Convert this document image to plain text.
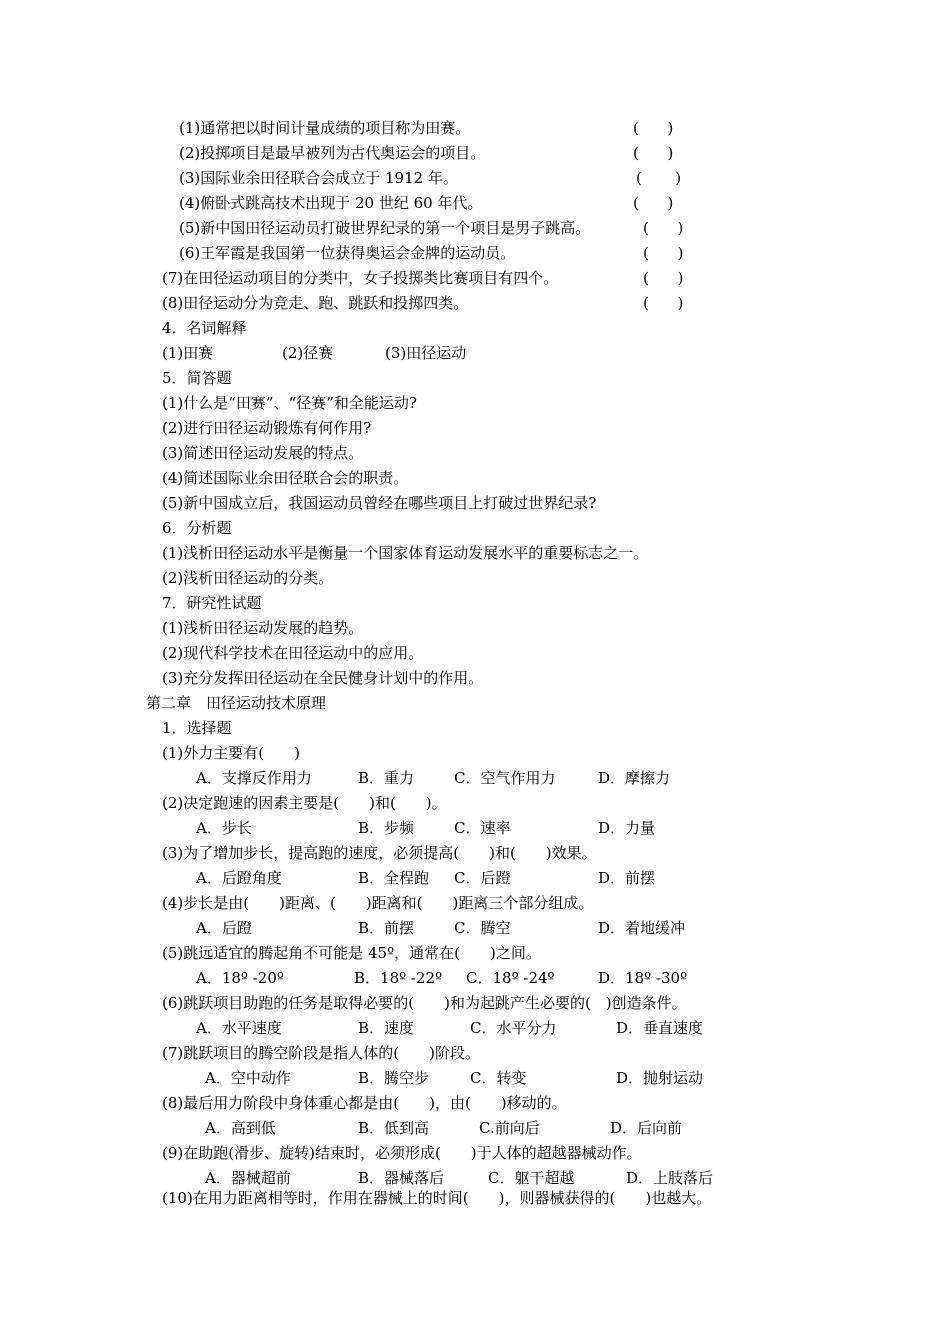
(1)通常把以时间计量成绩的项目称为田赛。	(      )
(2)投掷项目是最早被列为古代奥运会的项目。	(      )
(3)国际业余田径联合会成立于 1912 年。	(       )
(4)俯卧式跳高技术出现于 20 世纪 60 年代。	(      )
(5)新中国田径运动员打破世界纪录的第一个项目是男子跳高。	(      )
(6)王军霞是我国第一位获得奥运会金牌的运动员。	(      )
(7)在田径运动项目的分类中，女子投掷类比赛项目有四个。	(      )
(8)田径运动分为竞走、跑、跳跃和投掷四类。	(      )
4．名词解释
(1)田赛	(2)径赛	(3)田径运动
5．简答题
(1)什么是“田赛”、“径赛”和全能运动?
(2)进行田径运动锻炼有何作用?
(3)简述田径运动发展的特点。
(4)简述国际业余田径联合会的职责。
(5)新中国成立后，我国运动员曾经在哪些项目上打破过世界纪录?
6．分析题
(1)浅析田径运动水平是衡量一个国家体育运动发展水平的重要标志之一。
(2)浅析田径运动的分类。
7．研究性试题
(1)浅析田径运动发展的趋势。
(2)现代科学技术在田径运动中的应用。
(3)充分发挥田径运动在全民健身计划中的作用。
第二章　田径运动技术原理
1．选择题
(1)外力主要有(　　)
A．支撑反作用力	B．重力	C．空气作用力	D．摩擦力
(2)决定跑速的因素主要是(　　)和(　　)。
A．步长	B．步频	C．速率	D．力量
(3)为了增加步长，提高跑的速度，必须提高(　　)和(　　)效果。
A．后蹬角度	B．全程跑 C．后蹬	D．前摆
(4)步长是由(　　)距离、(　　)距离和(　　)距离三个部分组成。
A．后蹬	B．前摆	C．腾空	D．着地缓冲
(5)跳远适宜的腾起角不可能是 45º，通常在(　　)之间。
A．18º -20º	B．18º -22º C．18º -24º	D．18º -30º
(6)跳跃项目助跑的任务是取得必要的(　　)和为起跳产生必要的(　)创造条件。
A．水平速度	B．速度	C．水平分力	D．垂直速度
(7)跳跃项目的腾空阶段是指人体的(　　)阶段。
A．空中动作	B．腾空步	C．转变	D．抛射运动
(8)最后用力阶段中身体重心都是由(　　)，由(　　)移动的。
A．高到低	B．低到高	C.前向后	D．后向前
(9)在助跑(滑步、旋转)结束时，必须形成(　　)于人体的超越器械动作。
A．器械超前	B．器械落后	C．躯干超越	D．上肢落后
(10)在用力距离相等时，作用在器械上的时间(　　)，则器械获得的(　　)也越大。
